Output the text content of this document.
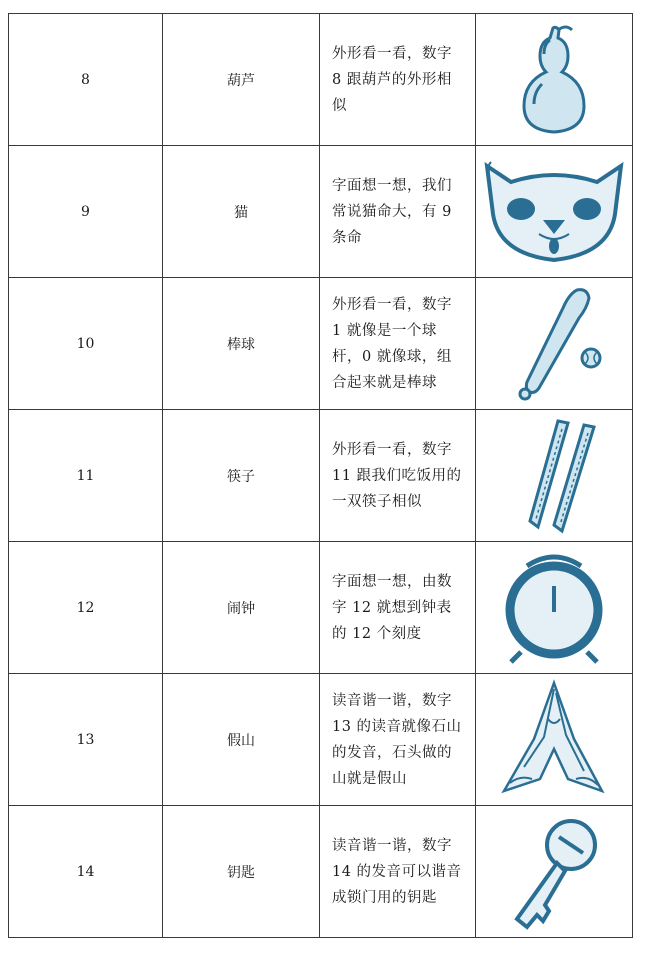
8	葫芦	外形看一看，数字 8 跟葫芦的外形相似	

9	猫	字面想一想，我们常说猫命大，有 9 条命	

10	棒球	外形看一看，数字 1 就像是一个球杆，0 就像球，组合起来就是棒球	

11	筷子	外形看一看，数字 11 跟我们吃饭用的一双筷子相似	

12	闹钟	字面想一想，由数字 12 就想到钟表的 12 个刻度	

13	假山	读音谐一谐，数字 13 的读音就像石山的发音，石头做的山就是假山	

14	钥匙	读音谐一谐，数字 14 的发音可以谐音成锁门用的钥匙	
